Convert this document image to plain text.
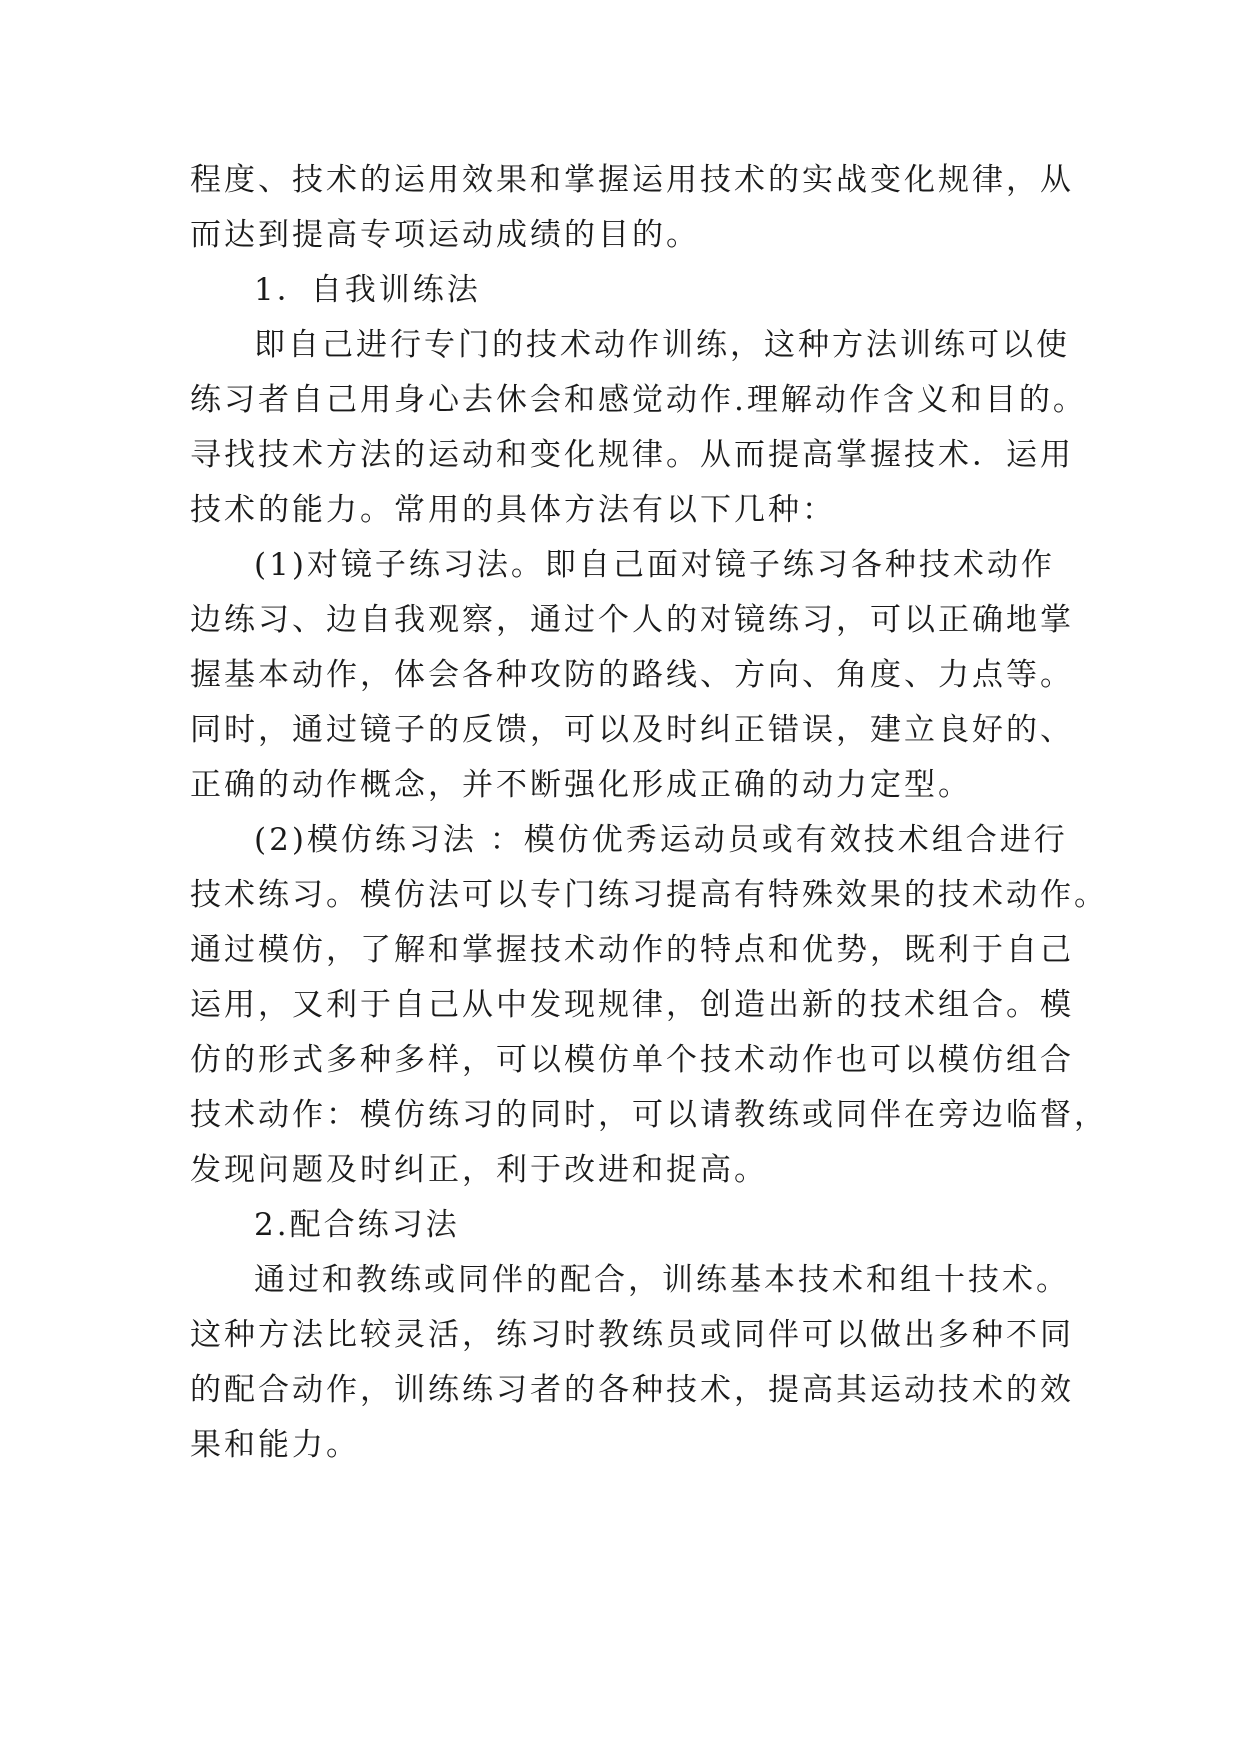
程度、技术的运用效果和掌握运用技术的实战变化规律，从
而达到提高专项运动成绩的目的。
1．自我训练法
即自己进行专门的技术动作训练，这种方法训练可以使
练习者自己用身心去休会和感觉动作.理解动作含义和目的。
寻找技术方法的运动和变化规律。从而提高掌握技术．运用
技术的能力。常用的具体方法有以下几种：
(1)对镜子练习法。即自己面对镜子练习各种技术动作
边练习、边自我观察，通过个人的对镜练习，可以正确地掌
握基本动作，体会各种攻防的路线、方向、角度、力点等。
同时，通过镜子的反馈，可以及时纠正错误，建立良好的、
正确的动作概念，并不断强化形成正确的动力定型。
(2)模仿练习法 ：模仿优秀运动员或有效技术组合进行
技术练习。模仿法可以专门练习提高有特殊效果的技术动作。
通过模仿，了解和掌握技术动作的特点和优势，既利于自己
运用，又利于自己从中发现规律，创造出新的技术组合。模
仿的形式多种多样，可以模仿单个技术动作也可以模仿组合
技术动作：模仿练习的同时，可以请教练或同伴在旁边临督，
发现问题及时纠正，利于改进和捉高。
2.配合练习法
通过和教练或同伴的配合，训练基本技术和组十技术。
这种方法比较灵活，练习时教练员或同伴可以做出多种不同
的配合动作，训练练习者的各种技术，提高其运动技术的效
果和能力。
